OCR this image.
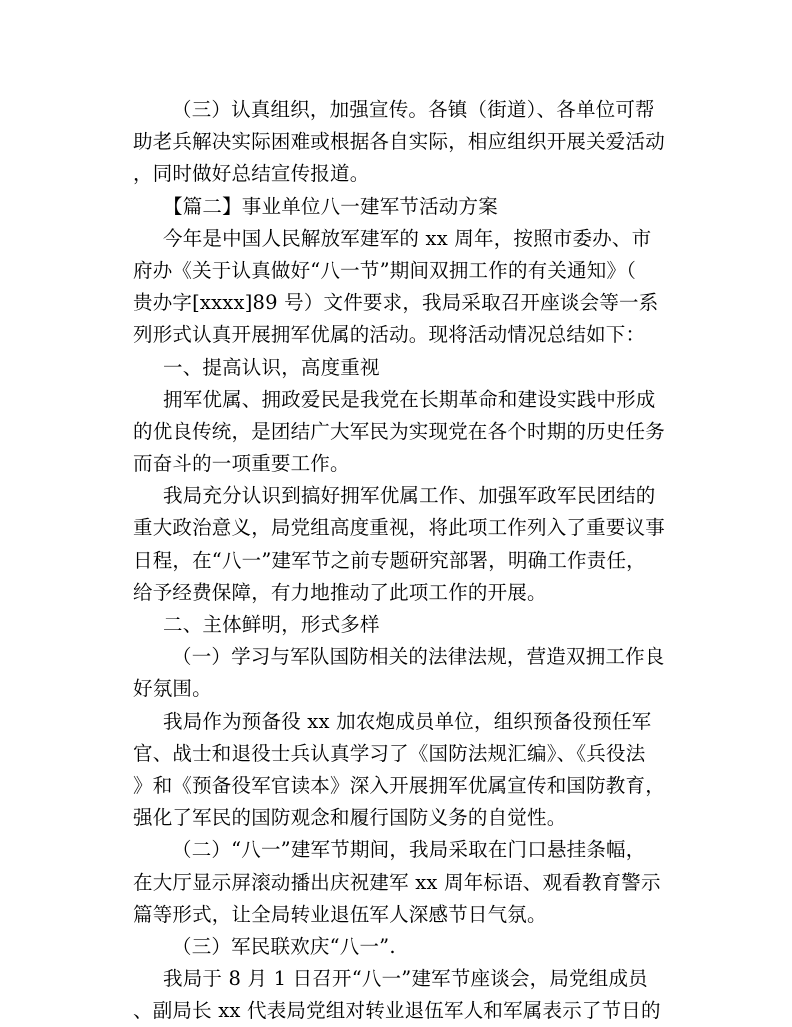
（三）认真组织，加强宣传。各镇（街道）、各单位可帮
助老兵解决实际困难或根据各自实际，相应组织开展关爱活动
，同时做好总结宣传报道。
【篇二】事业单位八一建军节活动方案
今年是中国人民解放军建军的 xx 周年，按照市委办、市
府办《关于认真做好“八一节”期间双拥工作的有关通知》（
贵办字[xxxx]89 号）文件要求，我局采取召开座谈会等一系
列形式认真开展拥军优属的活动。现将活动情况总结如下：
一、提高认识，高度重视
拥军优属、拥政爱民是我党在长期革命和建设实践中形成
的优良传统，是团结广大军民为实现党在各个时期的历史任务
而奋斗的一项重要工作。
我局充分认识到搞好拥军优属工作、加强军政军民团结的
重大政治意义，局党组高度重视，将此项工作列入了重要议事
日程，在“八一”建军节之前专题研究部署，明确工作责任，
给予经费保障，有力地推动了此项工作的开展。
二、主体鲜明，形式多样
（一）学习与军队国防相关的法律法规，营造双拥工作良
好氛围。
我局作为预备役 xx 加农炮成员单位，组织预备役预任军
官、战士和退役士兵认真学习了《国防法规汇编》、《兵役法
》和《预备役军官读本》深入开展拥军优属宣传和国防教育，
强化了军民的国防观念和履行国防义务的自觉性。
（二）“八一”建军节期间，我局采取在门口悬挂条幅，
在大厅显示屏滚动播出庆祝建军 xx 周年标语、观看教育警示
篇等形式，让全局转业退伍军人深感节日气氛。
（三）军民联欢庆“八一”.
我局于 8 月 1 日召开“八一”建军节座谈会，局党组成员
、副局长 xx 代表局党组对转业退伍军人和军属表示了节日的
